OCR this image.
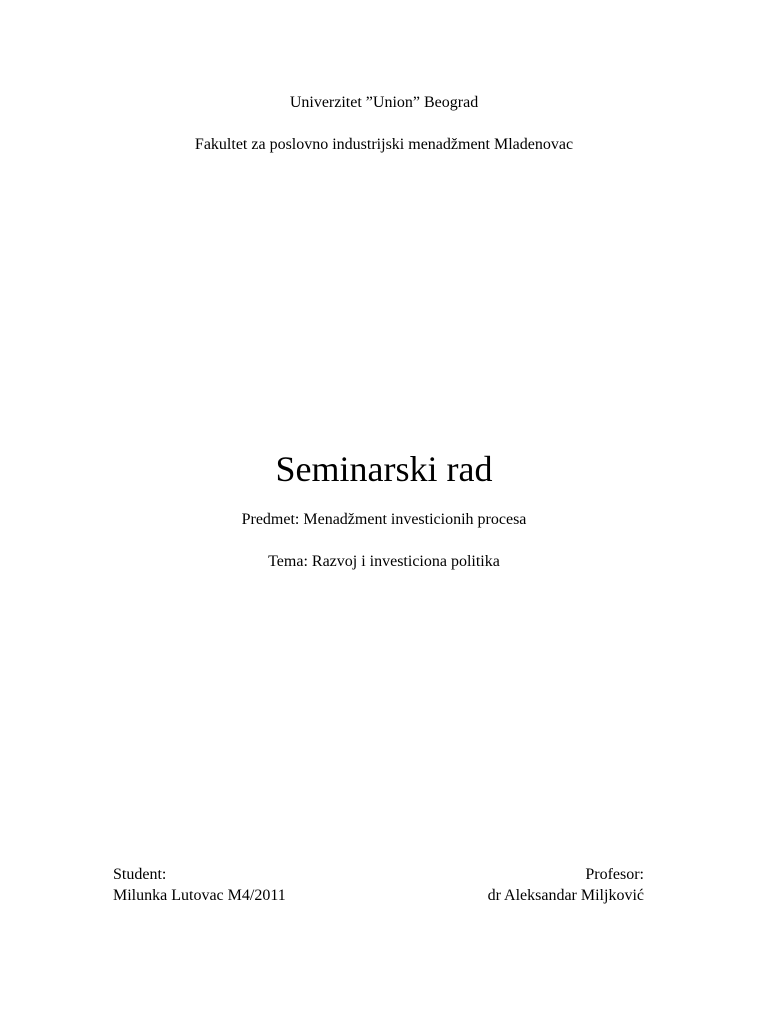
Univerzitet ”Union” Beograd
Fakultet za poslovno industrijski menadžment Mladenovac
Seminarski rad
Predmet: Menadžment investicionih procesa
Tema: Razvoj i investiciona politika
Student:
Milunka Lutovac M4/2011
Profesor:
dr Aleksandar Miljković
